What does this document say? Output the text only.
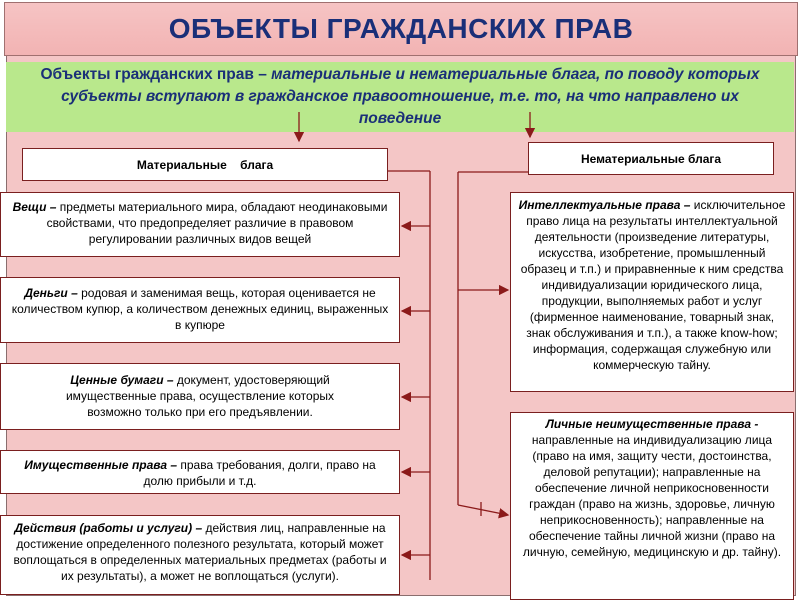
ОБЪЕКТЫ ГРАЖДАНСКИХ ПРАВ

Объекты гражданских прав – материальные и нематериальные блага, по поводу которых субъекты вступают в гражданское правоотношение, т.е. то, на что направлено их поведение

Материальные    блага	Нематериальные блага
Вещи – предметы материального мира, обладают неодинаковыми свойствами, что предопределяет различие в правовом регулировании различных видов вещей
Деньги – родовая и заменимая вещь, которая оценивается не количеством купюр, а количеством денежных единиц, выраженных в купюре
Ценные бумаги – документ, удостоверяющий имущественные права, осуществление которых возможно только при его предъявлении.
Имущественные права – права требования, долги, право на долю прибыли и т.д.
Действия (работы и услуги) – действия лиц, направленные на достижение определенного полезного результата, который может воплощаться в определенных материальных предметах (работы и их результаты), а может не воплощаться (услуги).
Интеллектуальные права – исключительное право лица на результаты интеллектуальной деятельности (произведение литературы, искусства, изобретение, промышленный образец и т.п.) и приравненные к ним средства индивидуализации юридического лица, продукции, выполняемых работ и услуг (фирменное наименование, товарный знак, знак обслуживания и т.п.), а также know-how; информация, содержащая служебную или коммерческую тайну.
Личные неимущественные права - направленные на индивидуализацию лица (право на имя, защиту чести, достоинства, деловой репутации); направленные на обеспечение личной неприкосновенности граждан (право на жизнь, здоровье, личную неприкосновенность); направленные на обеспечение тайны личной жизни (право на личную, семейную, медицинскую и др. тайну).
